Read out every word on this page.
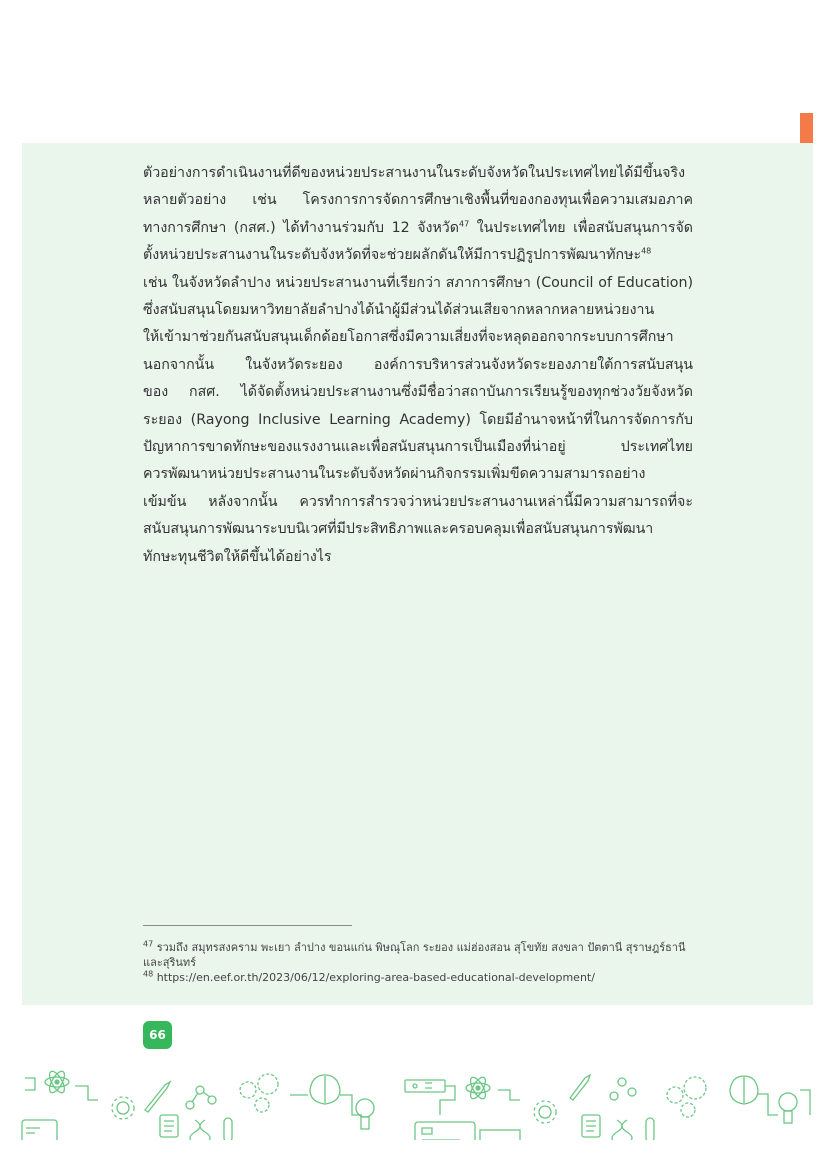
ตัวอย่างการดำเนินงานที่ดีของหน่วยประสานงานในระดับจังหวัดในประเทศไทยได้มีขึ้นจริง
หลายตัวอย่าง เช่น โครงการการจัดการศึกษาเชิงพื้นที่ของกองทุนเพื่อความเสมอภาค
ทางการศึกษา (กสศ.) ได้ทำงานร่วมกับ 12 จังหวัด$^{47}$ ในประเทศไทย เพื่อสนับสนุนการจัด
ตั้งหน่วยประสานงานในระดับจังหวัดที่จะช่วยผลักดันให้มีการปฏิรูปการพัฒนาทักษะ$^{48}$
เช่น ในจังหวัดลำปาง หน่วยประสานงานที่เรียกว่า สภาการศึกษา (Council of Education)
ซึ่งสนับสนุนโดยมหาวิทยาลัยลำปางได้นำผู้มีส่วนได้ส่วนเสียจากหลากหลายหน่วยงาน
ให้เข้ามาช่วยกันสนับสนุนเด็กด้อยโอกาสซึ่งมีความเสี่ยงที่จะหลุดออกจากระบบการศึกษา
นอกจากนั้น ในจังหวัดระยอง องค์การบริหารส่วนจังหวัดระยองภายใต้การสนับสนุน
ของ กสศ. ได้จัดตั้งหน่วยประสานงานซึ่งมีชื่อว่าสถาบันการเรียนรู้ของทุกช่วงวัยจังหวัด
ระยอง (Rayong Inclusive Learning Academy) โดยมีอำนาจหน้าที่ในการจัดการกับ
ปัญหาการขาดทักษะของแรงงานและเพื่อสนับสนุนการเป็นเมืองที่น่าอยู่ ประเทศไทย
ควรพัฒนาหน่วยประสานงานในระดับจังหวัดผ่านกิจกรรมเพิ่มขีดความสามารถอย่าง
เข้มข้น หลังจากนั้น ควรทำการสำรวจว่าหน่วยประสานงานเหล่านี้มีความสามารถที่จะ
สนับสนุนการพัฒนาระบบนิเวศที่มีประสิทธิภาพและครอบคลุมเพื่อสนับสนุนการพัฒนา
ทักษะทุนชีวิตให้ดีขึ้นได้อย่างไร
$^{47}$ รวมถึง สมุทรสงคราม พะเยา ลำปาง ขอนแก่น พิษณุโลก ระยอง แม่ฮ่องสอน สุโขทัย สงขลา ปัตตานี สุราษฎร์ธานี และสุรินทร์
$^{48}$ https://en.eef.or.th/2023/06/12/exploring-area-based-educational-development/
66
